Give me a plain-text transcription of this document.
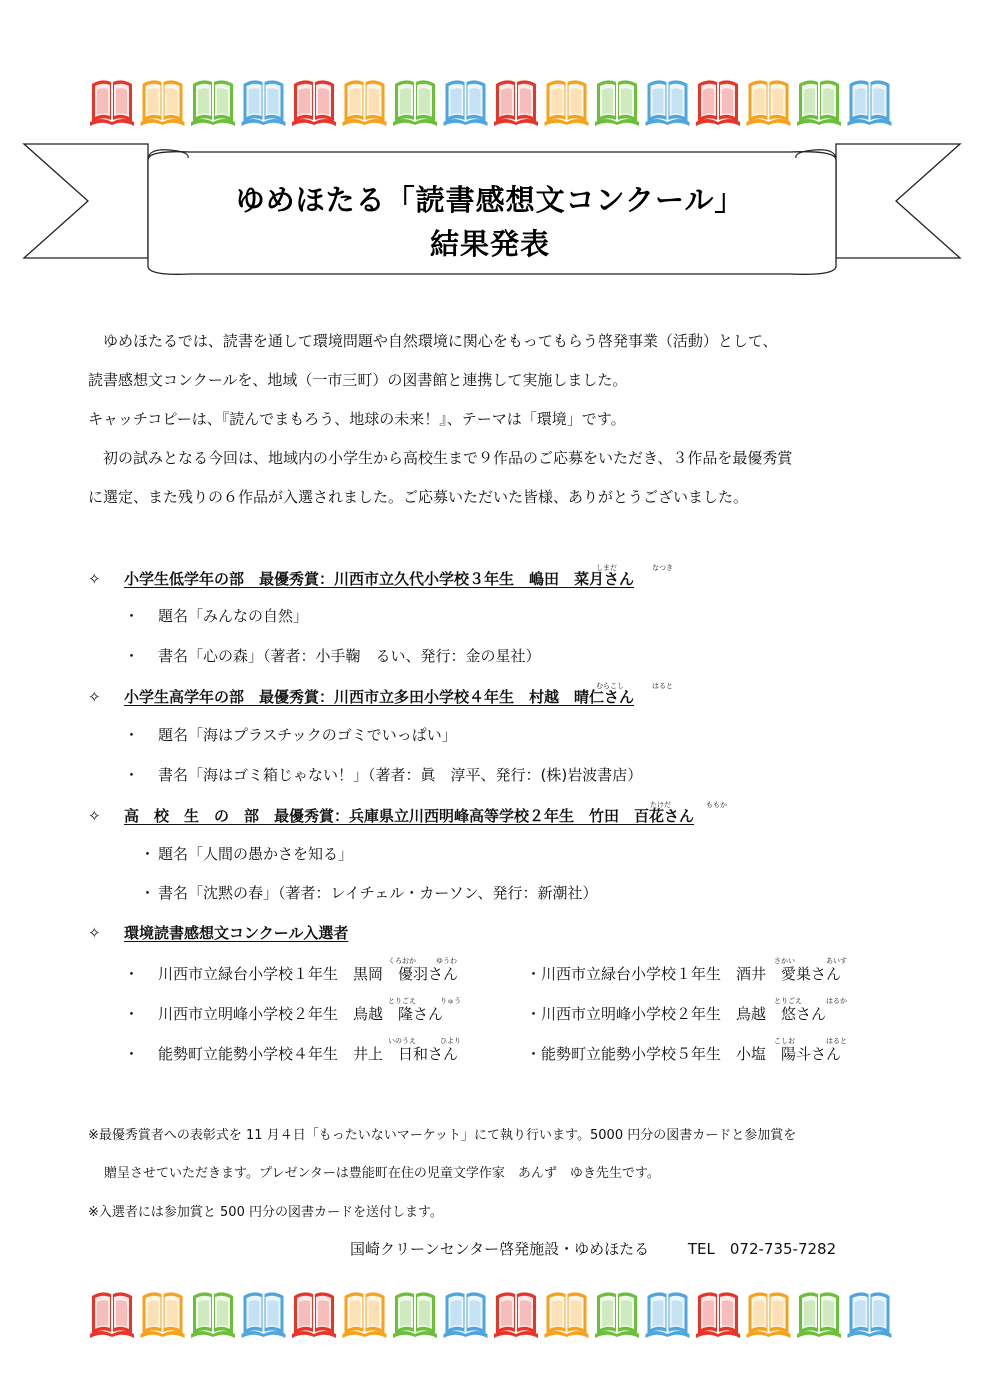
ゆめほたる「読書感想文コンクール」
結果発表

ゆめほたるでは、読書を通して環境問題や自然環境に関心をもってもらう啓発事業（活動）として、

読書感想文コンクールを、地域（一市三町）の図書館と連携して実施しました。

キャッチコピーは、『読んでまもろう、地球の未来！』、テーマは「環境」です。

初の試みとなる今回は、地域内の小学生から高校生まで９作品のご応募をいただき、３作品を最優秀賞

に選定、また残りの６作品が入選されました。ご応募いただいた皆様、ありがとうございました。

しまだ	なつき
✧ 小学生低学年の部　最優秀賞：川西市立久代小学校３年生　嶋田　菜月さん
・ 題名「みんなの自然」
・ 書名「心の森」（著者：小手鞠　るい、発行：金の星社）
むらこし	はると
✧ 小学生高学年の部　最優秀賞：川西市立多田小学校４年生　村越　晴仁さん
・ 題名「海はプラスチックのゴミでいっぱい」
・ 書名「海はゴミ箱じゃない！」（著者：眞　淳平、発行：(株)岩波書店）
たけだ	ももか
✧ 高　校　生　の　部　最優秀賞：兵庫県立川西明峰高等学校２年生　竹田　百花さん
・ 題名「人間の愚かさを知る」
・ 書名「沈黙の春」（著者：レイチェル・カーソン、発行：新潮社）
✧ 環境読書感想文コンクール入選者
くろおか	ゆうわ	さかい	あいす
・ 川西市立緑台小学校１年生　黒岡　優羽さん	・川西市立緑台小学校１年生　酒井　愛巣さん
とりごえ	りゅう	とりごえ	はるか
・ 川西市立明峰小学校２年生　鳥越　隆さん	・川西市立明峰小学校２年生　鳥越　悠さん
いのうえ	ひより	こしお	はると
・ 能勢町立能勢小学校４年生　井上　日和さん	・能勢町立能勢小学校５年生　小塩　陽斗さん
※最優秀賞者への表彰式を 11 月４日「もったいないマーケット」にて執り行います。5000 円分の図書カードと参加賞を
贈呈させていただきます。プレゼンターは豊能町在住の児童文学作家　あんず　ゆき先生です。
※入選者には参加賞と 500 円分の図書カードを送付します。
国崎クリーンセンター啓発施設・ゆめほたる	TEL　072-735-7282
